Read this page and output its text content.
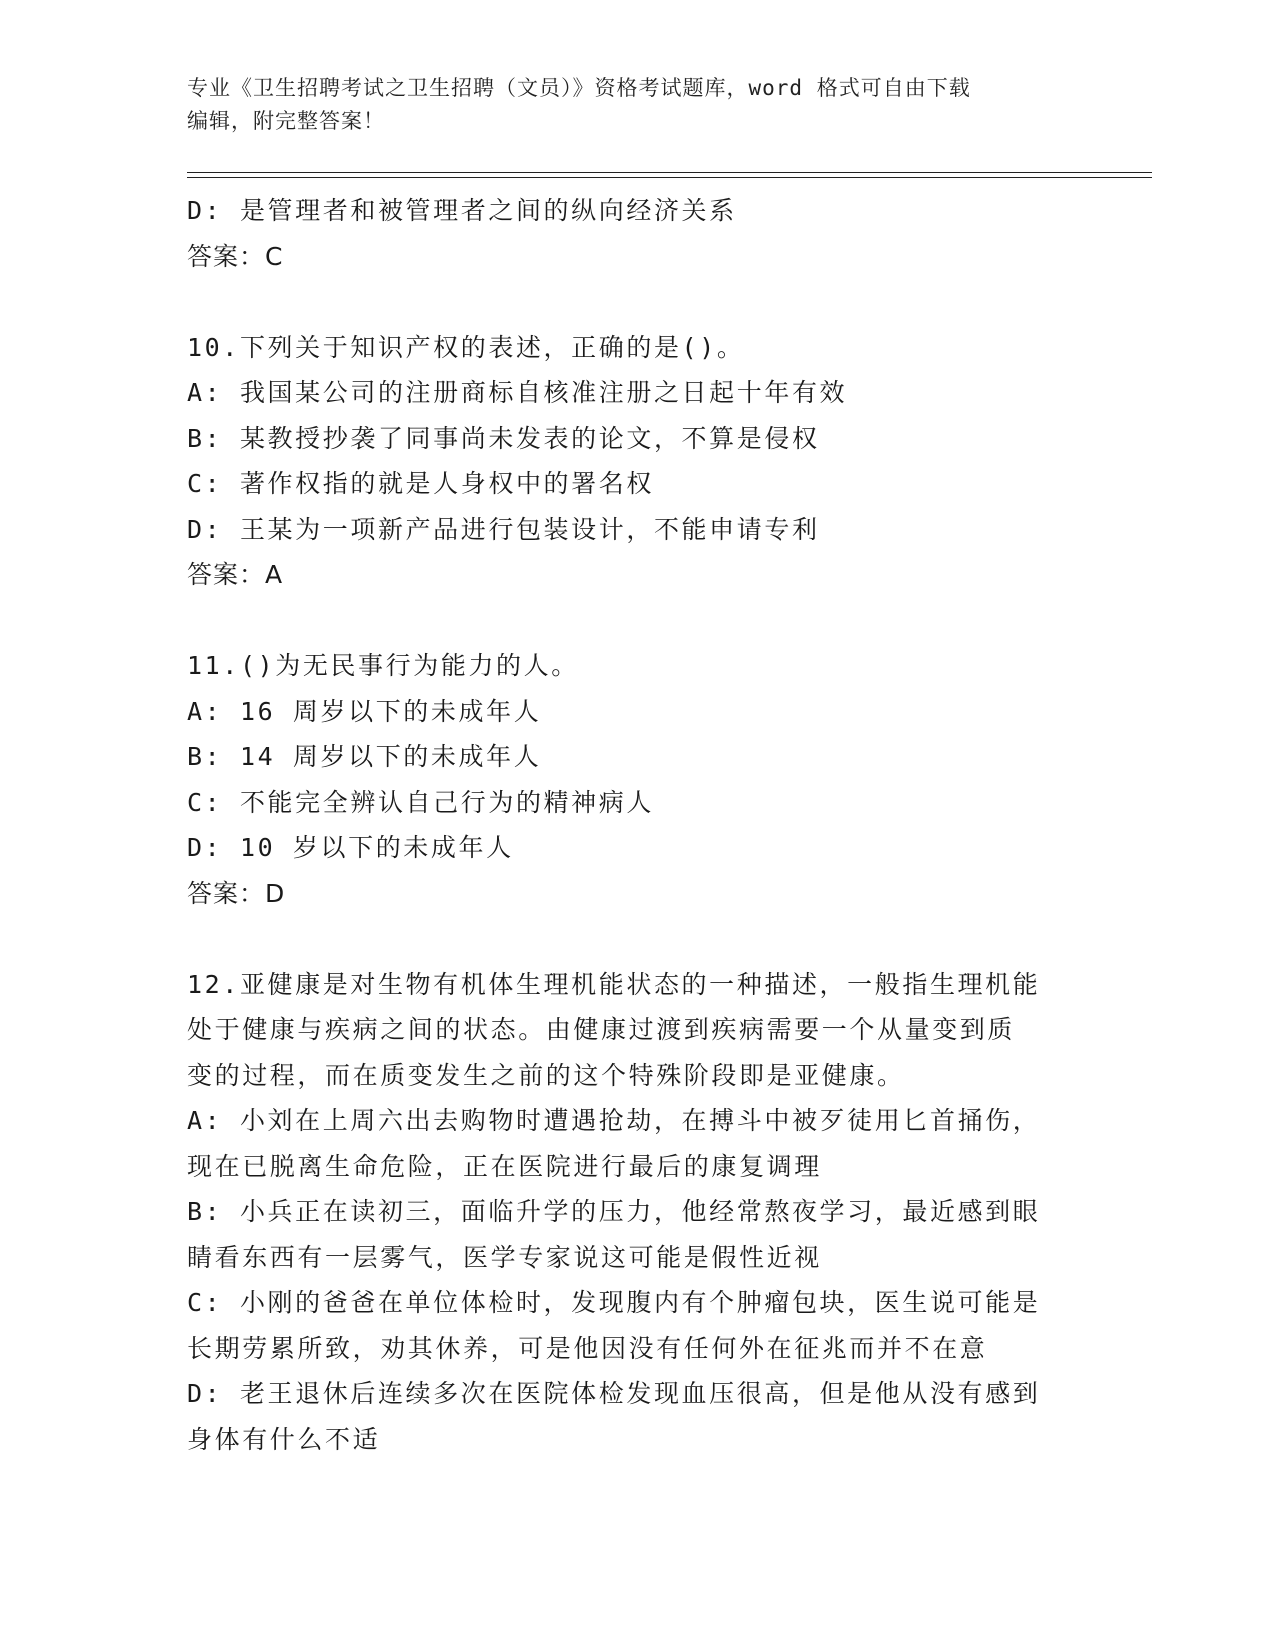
专业《卫生招聘考试之卫生招聘（文员）》资格考试题库，word 格式可自由下载
编辑，附完整答案！
D: 是管理者和被管理者之间的纵向经济关系
答案：C
10.下列关于知识产权的表述，正确的是()。
A: 我国某公司的注册商标自核准注册之日起十年有效
B: 某教授抄袭了同事尚未发表的论文，不算是侵权
C: 著作权指的就是人身权中的署名权
D: 王某为一项新产品进行包装设计，不能申请专利
答案：A
11.()为无民事行为能力的人。
A: 16 周岁以下的未成年人
B: 14 周岁以下的未成年人
C: 不能完全辨认自己行为的精神病人
D: 10 岁以下的未成年人
答案：D
12.亚健康是对生物有机体生理机能状态的一种描述，一般指生理机能
处于健康与疾病之间的状态。由健康过渡到疾病需要一个从量变到质
变的过程，而在质变发生之前的这个特殊阶段即是亚健康。
A: 小刘在上周六出去购物时遭遇抢劫，在搏斗中被歹徒用匕首捅伤，
现在已脱离生命危险，正在医院进行最后的康复调理
B: 小兵正在读初三，面临升学的压力，他经常熬夜学习，最近感到眼
睛看东西有一层雾气，医学专家说这可能是假性近视
C: 小刚的爸爸在单位体检时，发现腹内有个肿瘤包块，医生说可能是
长期劳累所致，劝其休养，可是他因没有任何外在征兆而并不在意
D: 老王退休后连续多次在医院体检发现血压很高，但是他从没有感到
身体有什么不适
